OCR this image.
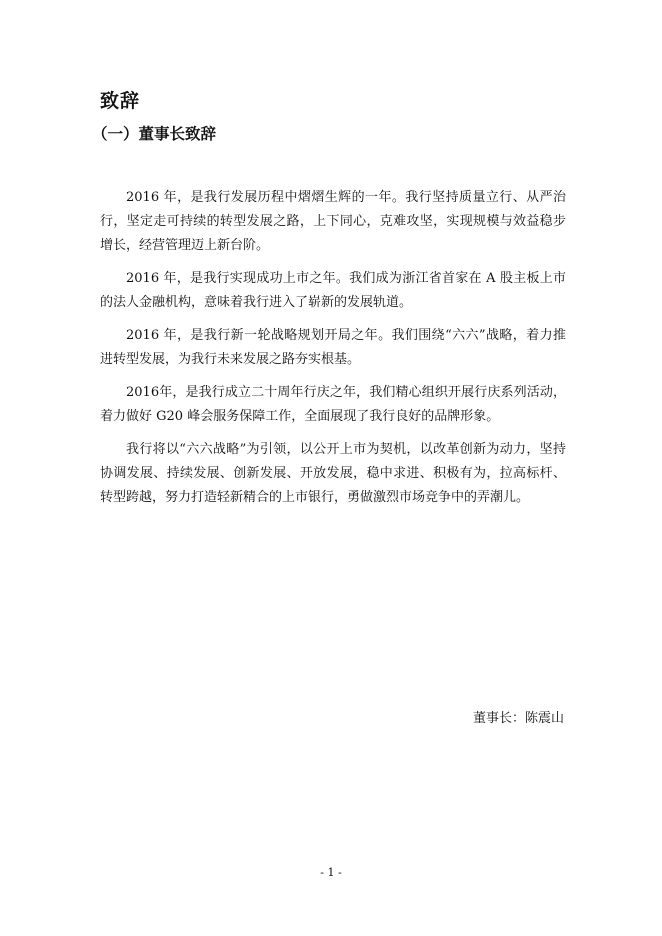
致辞
（一）董事长致辞

2016 年，是我行发展历程中熠熠生辉的一年。我行坚持质量立行、从严治行，坚定走可持续的转型发展之路，上下同心，克难攻坚，实现规模与效益稳步增长，经营管理迈上新台阶。

2016 年，是我行实现成功上市之年。我们成为浙江省首家在 A 股主板上市的法人金融机构，意味着我行进入了崭新的发展轨道。

2016 年，是我行新一轮战略规划开局之年。我们围绕“六六”战略，着力推进转型发展，为我行未来发展之路夯实根基。

2016年，是我行成立二十周年行庆之年，我们精心组织开展行庆系列活动，着力做好 G20 峰会服务保障工作，全面展现了我行良好的品牌形象。

我行将以“六六战略”为引领，以公开上市为契机，以改革创新为动力，坚持协调发展、持续发展、创新发展、开放发展，稳中求进、积极有为，拉高标杆、转型跨越，努力打造轻新精合的上市银行，勇做激烈市场竞争中的弄潮儿。

董事长：陈震山

- 1 -
